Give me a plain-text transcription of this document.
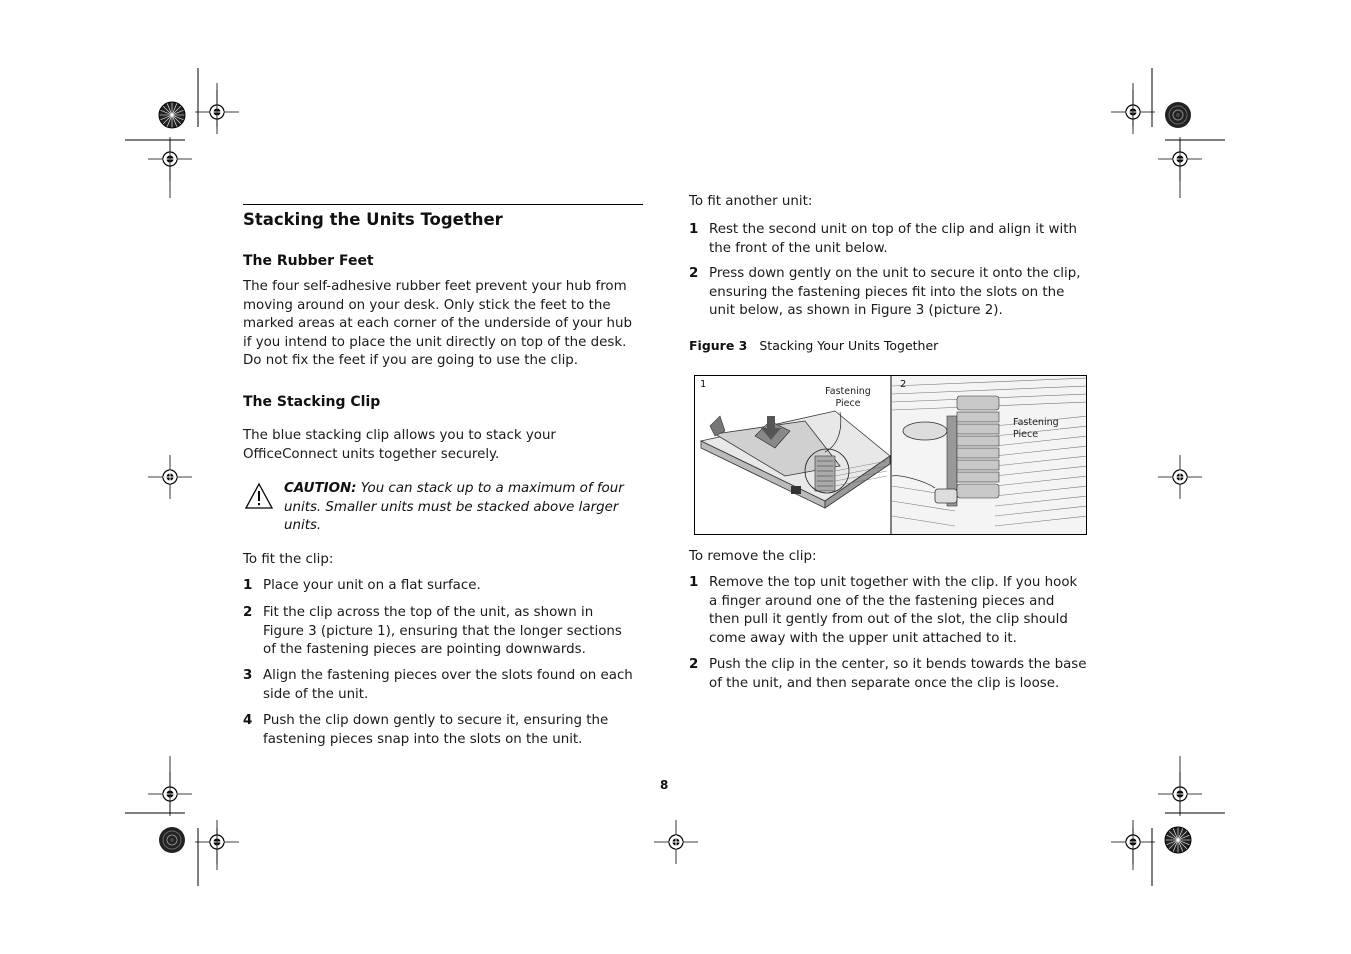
Stacking the Units Together
The Rubber Feet

The four self-adhesive rubber feet prevent your hub from moving around on your desk. Only stick the feet to the marked areas at each corner of the underside of your hub if you intend to place the unit directly on top of the desk. Do not fix the feet if you are going to use the clip.

The Stacking Clip

The blue stacking clip allows you to stack your OfficeConnect units together securely.

CAUTION: You can stack up to a maximum of four units. Smaller units must be stacked above larger units.

To fit the clip:

1 Place your unit on a flat surface.
2 Fit the clip across the top of the unit, as shown in Figure 3 (picture 1), ensuring that the longer sections of the fastening pieces are pointing downwards.
3 Align the fastening pieces over the slots found on each side of the unit.
4 Push the clip down gently to secure it, ensuring the fastening pieces snap into the slots on the unit.

To fit another unit:

1 Rest the second unit on top of the clip and align it with the front of the unit below.
2 Press down gently on the unit to secure it onto the clip, ensuring the fastening pieces fit into the slots on the unit below, as shown in Figure 3 (picture 2).
Figure 3 Stacking Your Units Together
1	2
Fastening
Piece
Fastening
Piece

To remove the clip:

1 Remove the top unit together with the clip. If you hook a finger around one of the the fastening pieces and then pull it gently from out of the slot, the clip should come away with the upper unit attached to it.
2 Push the clip in the center, so it bends towards the base of the unit, and then separate once the clip is loose.
8
